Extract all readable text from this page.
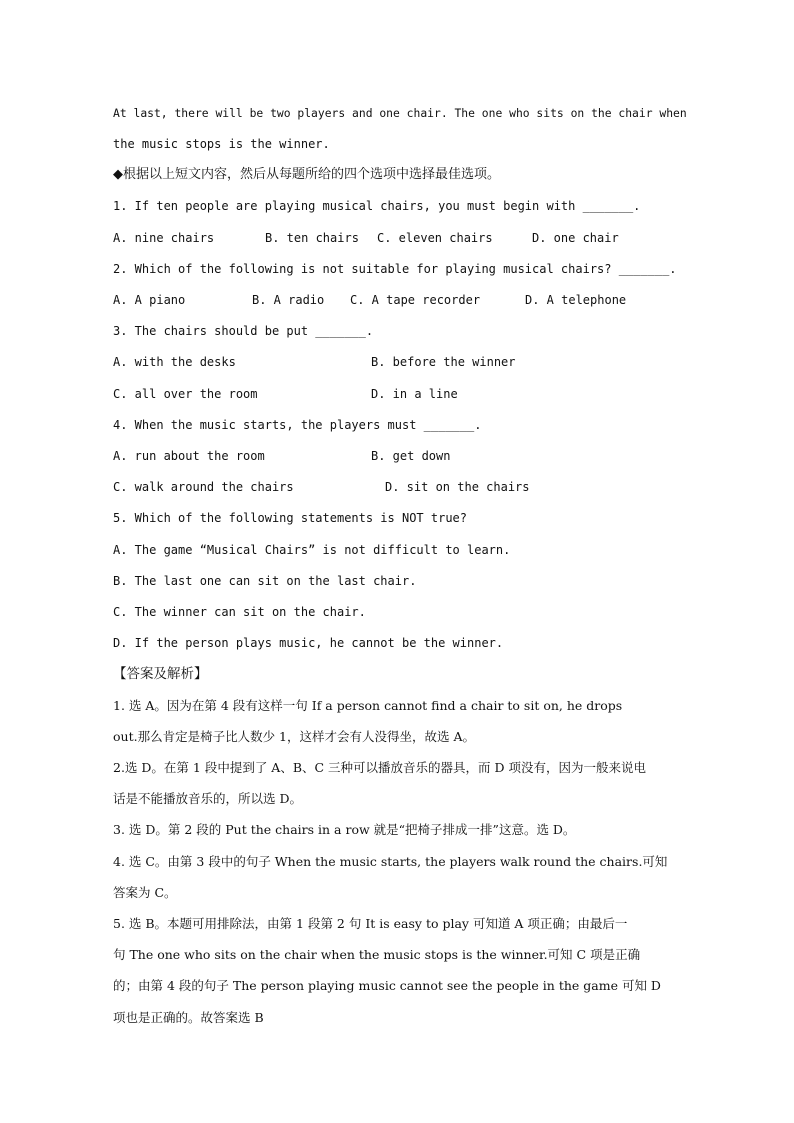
At last, there will be two players and one chair. The one who sits on the chair when
the music stops is the winner.
◆根据以上短文内容，然后从每题所给的四个选项中选择最佳选项。
1. If ten people are playing musical chairs, you must begin with _______.
A. nine chairs	B. ten chairs C. eleven chairs	D. one chair
2. Which of the following is not suitable for playing musical chairs? _______.
A. A piano	B. A radio C. A tape recorder	D. A telephone
3. The chairs should be put _______.
A. with the desks	B. before the winner
C. all over the room	D. in a line
4. When the music starts, the players must _______.
A. run about the room	B. get down
C. walk around the chairs	D. sit on the chairs
5. Which of the following statements is NOT true?
A. The game “Musical Chairs” is not difficult to learn.
B. The last one can sit on the last chair.
C. The winner can sit on the chair.
D. If the person plays music, he cannot be the winner.
【答案及解析】
1. 选 A。因为在第 4 段有这样一句 If a person cannot find a chair to sit on, he drops
out.那么肯定是椅子比人数少 1，这样才会有人没得坐，故选 A。
2.选 D。在第 1 段中提到了 A、B、C 三种可以播放音乐的器具，而 D 项没有，因为一般来说电
话是不能播放音乐的，所以选 D。
3. 选 D。第 2 段的 Put the chairs in a row 就是“把椅子排成一排”这意。选 D。
4. 选 C。由第 3 段中的句子 When the music starts, the players walk round the chairs.可知
答案为 C。
5. 选 B。本题可用排除法，由第 1 段第 2 句 It is easy to play 可知道 A 项正确；由最后一
句 The one who sits on the chair when the music stops is the winner.可知 C 项是正确
的；由第 4 段的句子 The person playing music cannot see the people in the game 可知 D
项也是正确的。故答案选 B
